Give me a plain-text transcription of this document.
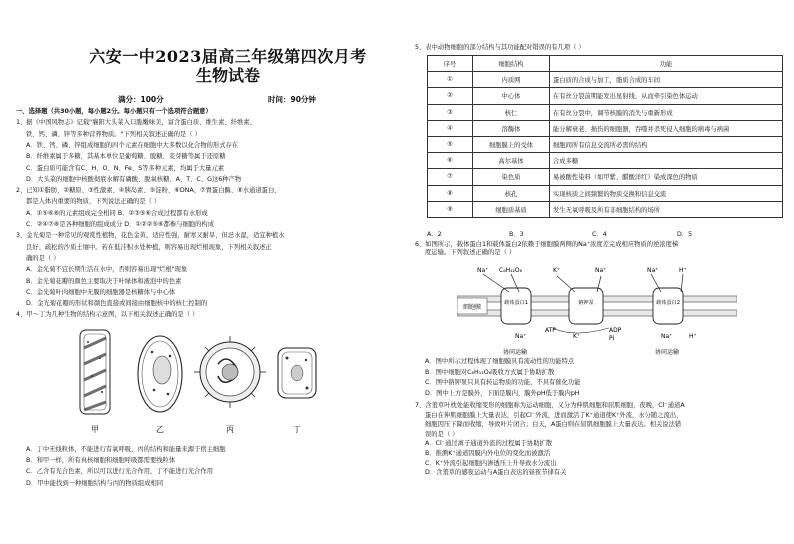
六安一中2023届高三年级第四次月考
生物试卷
满分：100分	时间：90分钟
一、选择题（共30小题，每小题2分。每小题只有一个选项符合题意）
1、据《中国风物志》记载"襄阳大头菜入口脆嫩味美，富含蛋白质、维生素、纤维素、
铁、钙、磷、锌等多种营养物质。"下列相关叙述正确的是（ ）
A．铁、钙、磷、锌组成细胞的四个元素在细胞中大多数以化合物的形式存在
B．纤维素属于多糖，其基本单位是葡萄糖、脱糖、麦芽糖等属于还原糖
C．蛋白质可能含有C、H、O、N、Fe、S等多种元素，均属于大量元素
D．大头菜的细胞中核酸彻底水解有磷酸、脱氧核糖、A、T、C、G这6种产物
2、已知①脂肪、②糖原、③性激素、④胰岛素、⑤淀粉、⑥DNA、⑦胃蛋白酶、⑧水通道蛋白，
都是人体内重要的物质，下列说法正确的是（ ）
A．①⑤⑥⑧的元素组成完全相同 B．②③⑤⑥合成过程都有水形成
C．②④⑦⑧是各种细胞的组成成分 D．①②②⑤⑥都参与细胞的构成
3、金光菊是一种常见的观赏性植物，花色金黄，适应性强，耐寒又耐旱，但忌水湿，适宜种植水
良好、疏松的沙质土壤中。若在低洼积水处种植，则容易出现烂根现象，下列相关叙述正
确的是（ ）
A．金光菊不宜长期生活在水中，否则容易出现"烂根"现象
B．金光菊花瓣的颜色主要取决于叶绿体和液泡中的色素
C．金光菊叶肉细胞中无膜的细胞器是核糖体与中心体
D．金光菊花瓣的形状和颜色直接或间接由细胞核中的核仁控制的
4、甲～丁为几种生物的结构示意图，以下相关叙述正确的是（ ）
甲	乙	丙	丁
A．丁中无线粒体，不能进行有氧呼吸，丙的结构和能量来源于宿主细胞
B．和甲一样，所有真核细胞和细胞呼吸都需要线粒体
C．乙含有光合色素，所以可以进行光合作用，丁不能进行光合作用
D．甲中能找到一种细胞结构与丙的物质组成相同
5、表中动物细胞的部分结构与其功能配对错误的有几项（ ）
序号	细胞结构	功能
①	内质网	蛋白质的合成与加工，脂质合成的车间
②	中心体	在有丝分裂前期能发出星射线，从而牵引染色体运动
③	核仁	在有丝分裂中，调节核膜的消失与重新形成
④	溶酶体	能分解衰老、损伤的细胞器，吞噬并杀死侵入细胞的病毒与病菌
⑤	细胞膜上的受体	细胞间所有信息交流所必需的结构
⑥	高尔基体	合成多糖
⑦	染色质	易被酸性染料（如甲紫、醋酸洋红）染成深色的物质
⑧	核孔	实现核质之间频繁的物质交换和信息交流
⑨	细胞质基质	发生无氧呼吸及所有非细胞结构的场所
A．2	B．3	C．4	D．5
6、如图所示，载体蛋白1和载体蛋白2依赖于细胞膜两侧的Na⁺浓度差完成相应物质的逆浓度梯
度运输。下列叙述正确的是（ ）
Na⁺ C₆H₁₂O₆	K⁺	Na⁺	Na⁺	H⁺
细胞膜
载体蛋白1	钠钾泵	载体蛋白2
Na⁺	K⁺	Na⁺	H⁺
ATP	ADP
Pi
协同运输	协同运输
A．图中所示过程体现了细胞膜具有流动性的功能特点
B．图中细胞对C₆H₁₂O₆吸收方式属于协助扩散
C．图中钠钾泵只具有转运物质的功能，不具有催化功能
D．图中上方是膜外，下面是膜内，膜外pH低于膜内pH
7、含羞草叶枕处能收缩变形的细胞称为运动细胞，又分为伸肌细胞和屈肌细胞，夜晚，Cl⁻通道A
蛋白在伸肌细胞膜上大量表达，引起Cl⁻外流，进而激活了K⁺通道使K⁺外流，水分随之流出，
细胞因压下降而收缩，导致叶片闭合；白天，A蛋白则在屈肌细胞膜上大量表达。相关说法错
误的是（ ）
A．Cl⁻通过离子通道外流的过程属于协助扩散
B．推测K⁺通道因膜内外电位的变化而被激活
C．K⁺外流引起细胞内渗透压上升导致水分流出
D．含羞草的感夜运动与A蛋白表达的昼夜节律有关
